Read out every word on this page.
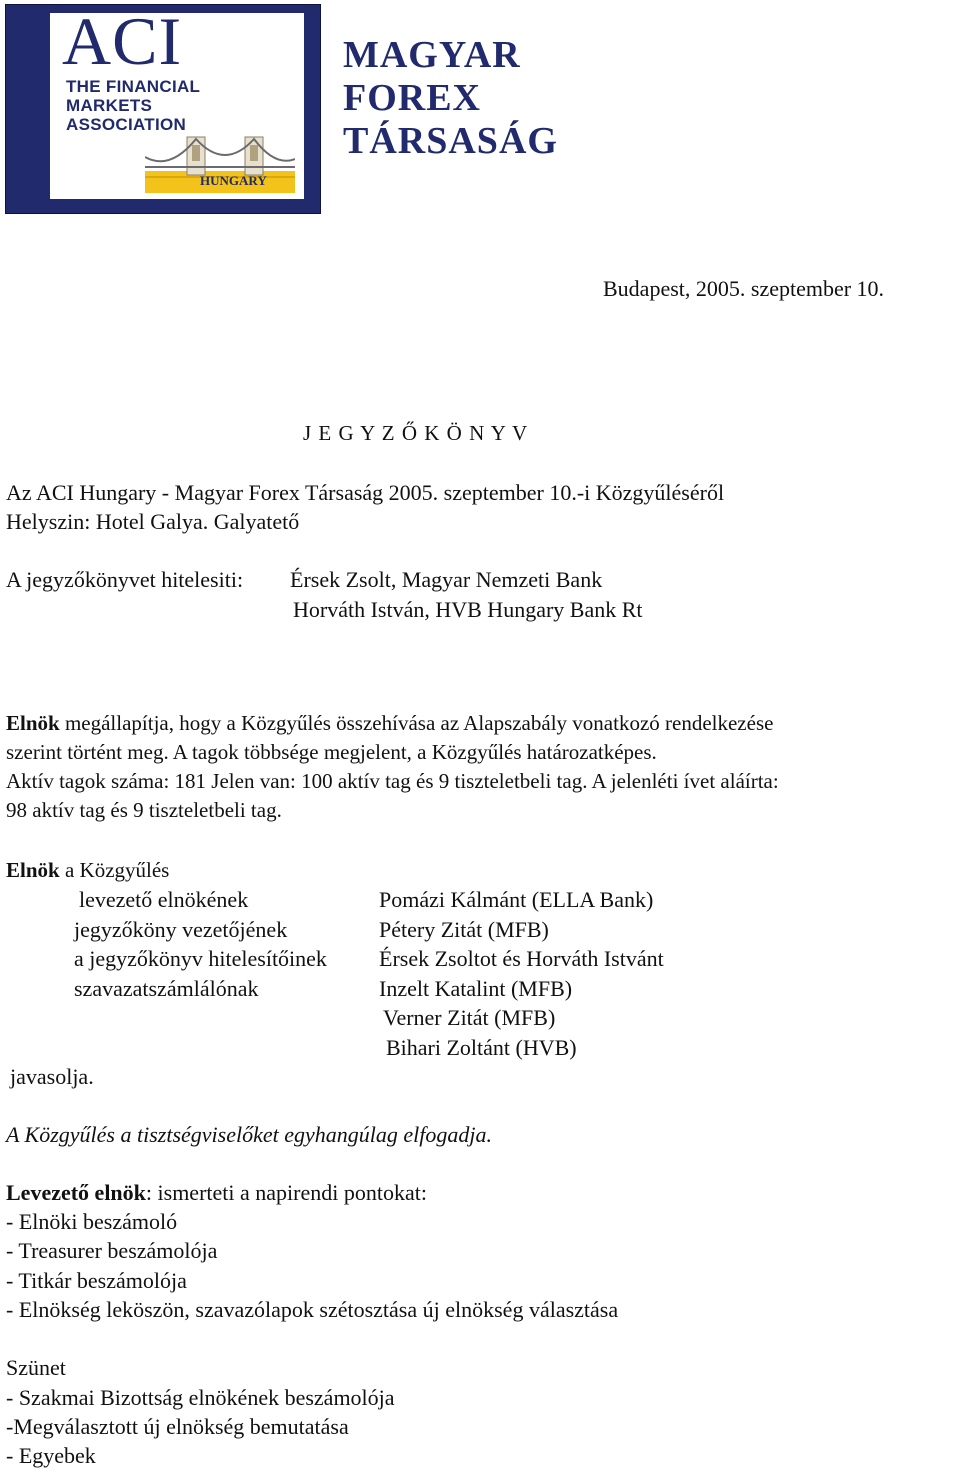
ACI
THE FINANCIAL
MARKETS
ASSOCIATION
HUNGARY
MAGYAR
FOREX
TÁRSASÁG
Budapest, 2005. szeptember 10.
J E G Y Z Ő K Ö N Y V
Az ACI Hungary - Magyar Forex Társaság 2005. szeptember 10.-i Közgyűléséről
Helyszin: Hotel Galya. Galyatető
A jegyzőkönyvet hitelesiti: Érsek Zsolt, Magyar Nemzeti Bank
Horváth István, HVB Hungary Bank Rt
Elnök megállapítja, hogy a Közgyűlés összehívása az Alapszabály vonatkozó rendelkezése
szerint történt meg. A tagok többsége megjelent, a Közgyűlés határozatképes.
Aktív tagok száma: 181 Jelen van: 100 aktív tag és 9 tiszteletbeli tag. A jelenléti ívet aláírta:
98 aktív tag és 9 tiszteletbeli tag.
Elnök a Közgyűlés
levezető elnökének	Pomázi Kálmánt (ELLA Bank)
jegyzőköny vezetőjének	Pétery Zitát (MFB)
a jegyzőkönyv hitelesítőinek Érsek Zsoltot és Horváth Istvánt
szavazatszámlálónak	Inzelt Katalint (MFB)
Verner Zitát (MFB)
Bihari Zoltánt (HVB)
javasolja.
A Közgyűlés a tisztségviselőket egyhangúlag elfogadja.
Levezető elnök: ismerteti a napirendi pontokat:
- Elnöki beszámoló
- Treasurer beszámolója
- Titkár beszámolója
- Elnökség leköszön, szavazólapok szétosztása új elnökség választása
Szünet
- Szakmai Bizottság elnökének beszámolója
-Megválasztott új elnökség bemutatása
- Egyebek
